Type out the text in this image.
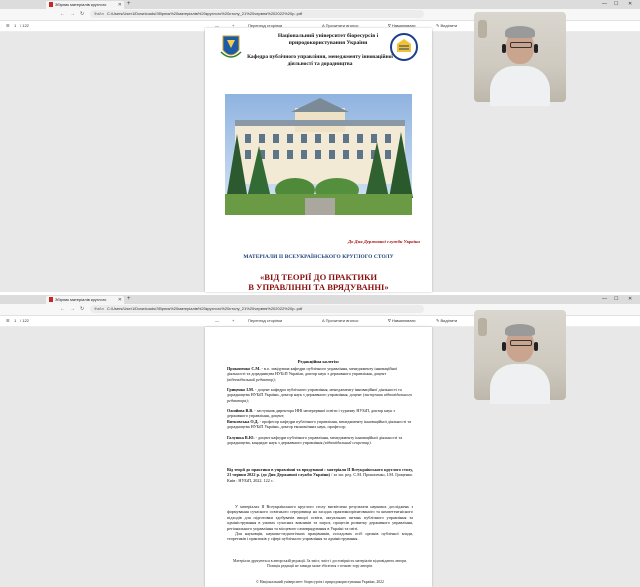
Збірник матеріалів круглого ✕ +	— ☐ ✕
← → ↻	Файл C:/Users/User1/Downloads/Збірник%20матеріалів%20круглого%20столу_21%20червня%202022%20р..pdf
☰ 1 / 122	—	+	Перегляд сторінки	A Прочитати вголос	∇ Намалювати	✎ Виділити
Національний університет біоресурсів і природокористування України
Кафедра публічного управління, менеджменту інноваційної діяльності та дорадництва
До Дня Державної служби України
МАТЕРІАЛИ ІІ ВСЕУКРАЇНСЬКОГО КРУГЛОГО СТОЛУ
«ВІД ТЕОРІЇ ДО ПРАКТИКИ
В УПРАВЛІННІ ТА ВРЯДУВАННІ»
Збірник матеріалів круглого ✕ +	— ☐ ✕
← → ↻	Файл C:/Users/User1/Downloads/Збірник%20матеріалів%20круглого%20столу_21%20червня%202022%20р..pdf
☰ 1 / 122	—	+	Перегляд сторінки	A Прочитати вголос	∇ Намалювати	✎ Виділити
Редакційна колегія:
Прокопенко С.М. - в.о. завідувача кафедри публічного управління, менеджменту інноваційної діяльності та дорадництва НУБіП України, доктор наук з державного управління, доцент (відповідальний редактор);
Гриценко І.М. - доцент кафедри публічного управління, менеджменту інноваційної діяльності та дорадництва НУБіП України, доктор наук з державного управління, доцент (заступник відповідального редактора);
Ожийова В.В. - заступник директора ННІ неперервної освіти і туризму НУБіП, доктор наук з державного управління, доцент;
Вятковська О.Д. - професор кафедри публічного управління, менеджменту інноваційної діяльності та дорадництва НУБіП України, доктор економічних наук, професор;
Галушка В.Ю. - доцент кафедри публічного управління, менеджменту інноваційної діяльності та дорадництва, кандидат наук з державного управління (відповідальний секретар).
Від теорії до практики в управлінні та врядуванні : матеріали ІІ Всеукраїнського круглого столу, 21 червня 2022 р. (до Дня Державної служби України) / за заг. ред. С.М. Прокопенко, І.М. Гриценко. Київ : НУБіП, 2022. 122 с.
У матеріалах ІІ Всеукраїнського круглого столу висвітлено результати наукових досліджень з формування сучасного освітнього середовища на засадах практикоорієнтованого та компетентнісного підходів для підготовки здобувачів вищої освіти, актуальних питань публічного управління та адміністрування в умовах сучасних викликів та загроз, процесів розвитку державного управління, регіонального управління та місцевого самоврядування в Україні та світі.
Для науковців, науково-педагогічних працівників, посадових осіб органів публічної влади, теоретиків і практиків у сфері публічного управління та адміністрування.
Матеріали друкуються в авторській редакції. За зміст, зміст і достовірність матеріалів відповідають автори. Позиція редакції не завжди може збігатися з точкою зору авторів.
© Національний університет біоресурсів і природокористування України, 2022
